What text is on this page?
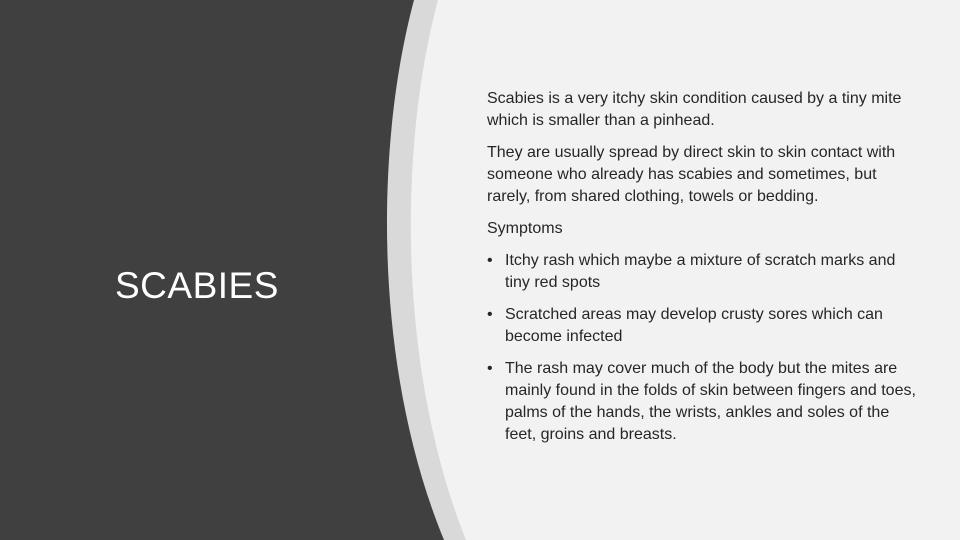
SCABIES

Scabies is a very itchy skin condition caused by a tiny mite which is smaller than a pinhead.

They are usually spread by direct skin to skin contact with someone who already has scabies and sometimes, but rarely, from shared clothing, towels or bedding.

Symptoms

• Itchy rash which maybe a mixture of scratch marks and tiny red spots
• Scratched areas may develop crusty sores which can become infected
• The rash may cover much of the body but the mites are mainly found in the folds of skin between fingers and toes, palms of the hands, the wrists, ankles and soles of the feet, groins and breasts.
